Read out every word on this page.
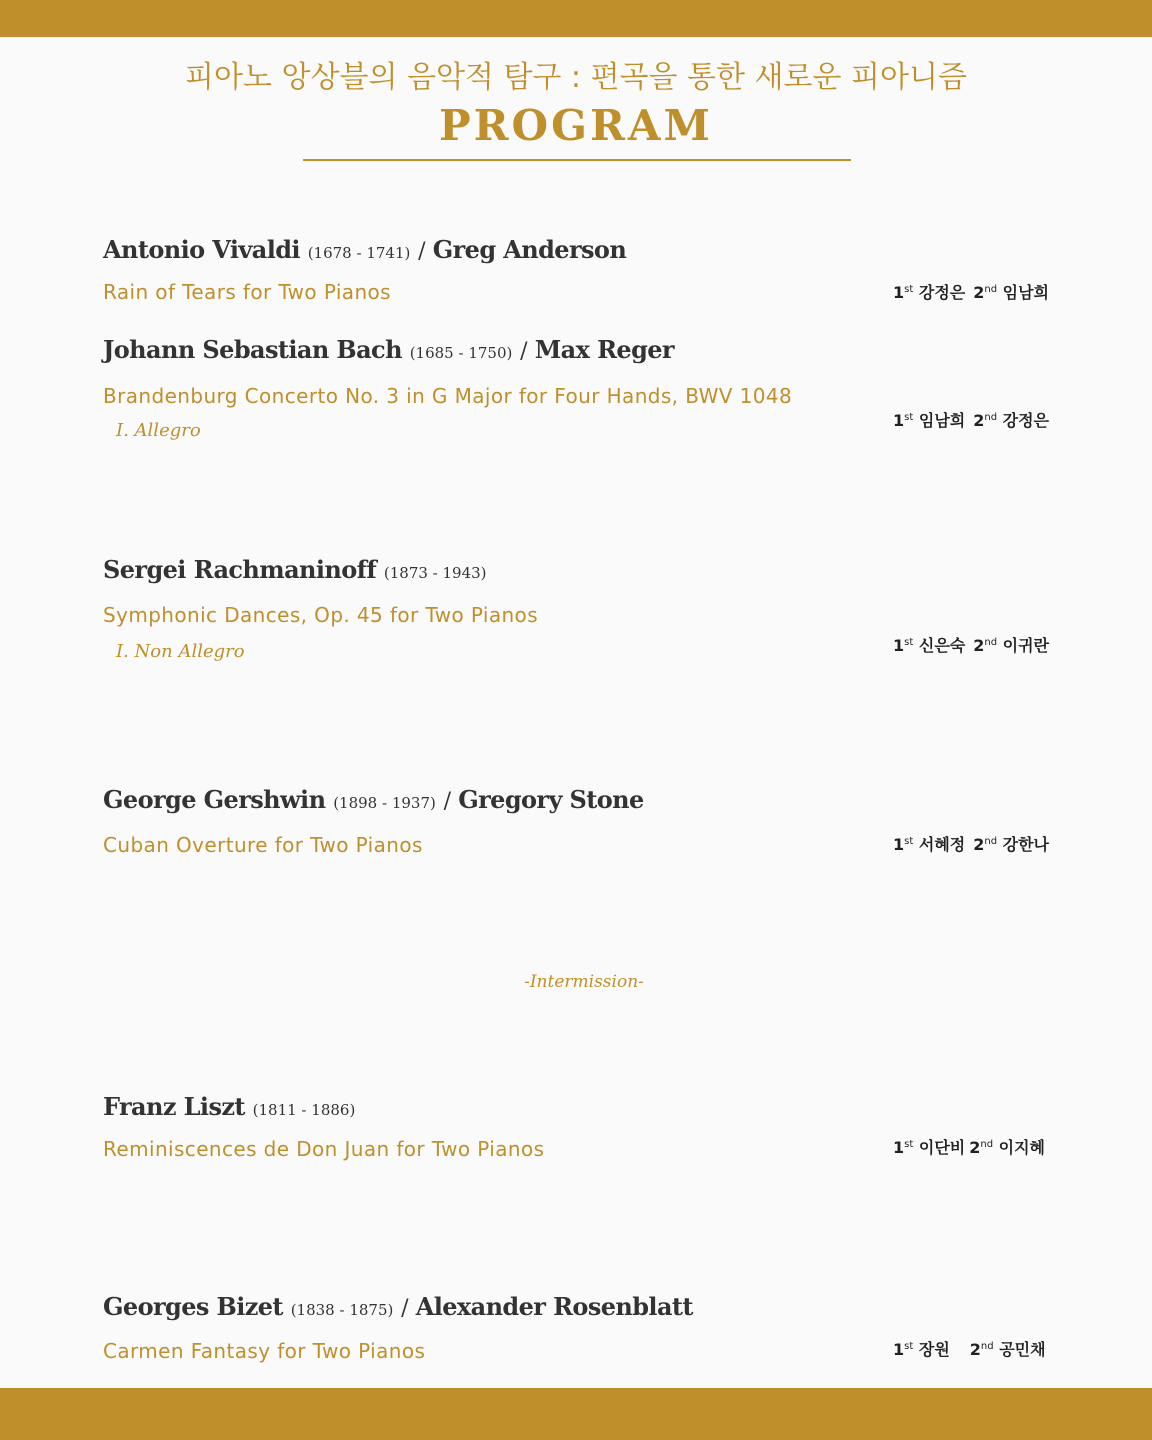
피아노 앙상블의 음악적 탐구 : 편곡을 통한 새로운 피아니즘
PROGRAM
Antonio Vivaldi (1678 - 1741) / Greg Anderson
Rain of Tears for Two Pianos	1st 강정은 2nd 임남희
Johann Sebastian Bach (1685 - 1750) / Max Reger
Brandenburg Concerto No. 3 in G Major for Four Hands, BWV 1048
I. Allegro	1st 임남희 2nd 강정은
Sergei Rachmaninoff (1873 - 1943)
Symphonic Dances, Op. 45 for Two Pianos
I. Non Allegro	1st 신은숙 2nd 이귀란
George Gershwin (1898 - 1937) / Gregory Stone
Cuban Overture for Two Pianos	1st 서혜정 2nd 강한나
-Intermission-
Franz Liszt (1811 - 1886)
Reminiscences de Don Juan for Two Pianos	1st 이단비 2nd 이지혜
Georges Bizet (1838 - 1875) / Alexander Rosenblatt
Carmen Fantasy for Two Pianos	1st 장원 2nd 공민채
